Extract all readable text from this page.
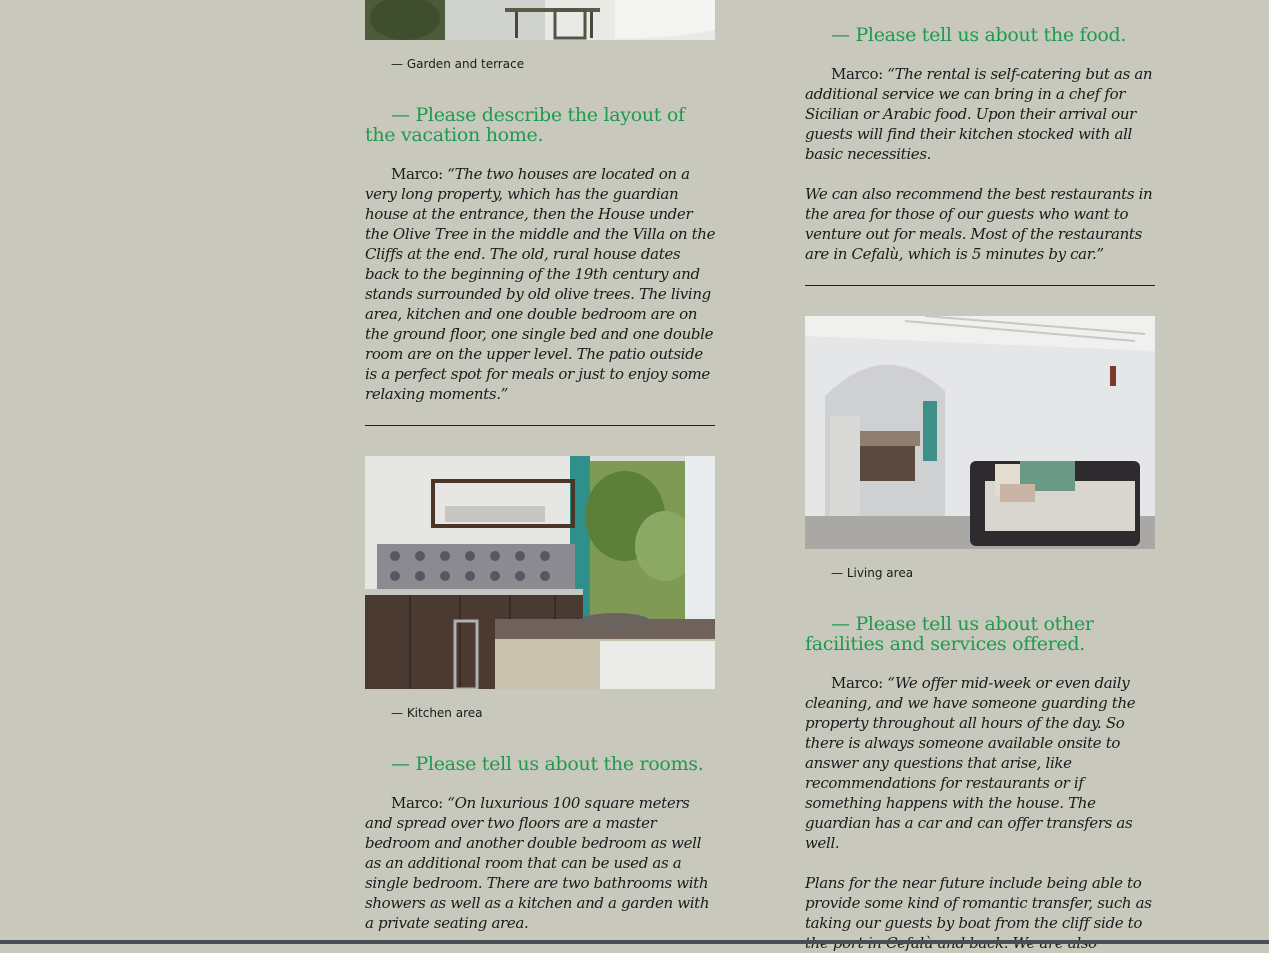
— Garden and terrace
— Please describe the layout of the vacation home.

Marco: “The two houses are located on a very long property, which has the guardian house at the entrance, then the House under the Olive Tree in the middle and the Villa on the Cliffs at the end. The old, rural house dates back to the beginning of the 19th century and stands surrounded by old olive trees. The living area, kitchen and one double bedroom are on the ground floor, one single bed and one double room are on the upper level. The patio outside is a perfect spot for meals or just to enjoy some relaxing moments.”

— Kitchen area
— Please tell us about the rooms.

Marco: “On luxurious 100 square meters and spread over two floors are a master bedroom and another double bedroom as well as an additional room that can be used as a single bedroom. There are two bathrooms with showers as well as a kitchen and a garden with a private seating area.

— Please tell us about the food.

Marco: “The rental is self-catering but as an additional service we can bring in a chef for Sicilian or Arabic food. Upon their arrival our guests will find their kitchen stocked with all basic necessities.

We can also recommend the best restaurants in the area for those of our guests who want to venture out for meals. Most of the restaurants are in Cefalù, which is 5 minutes by car.”

— Living area
— Please tell us about other facilities and services offered.

Marco: “We offer mid-week or even daily cleaning, and we have someone guarding the property throughout all hours of the day. So there is always someone available onsite to answer any questions that arise, like recommendations for restaurants or if something happens with the house. The guardian has a car and can offer transfers as well.

Plans for the near future include being able to provide some kind of romantic transfer, such as taking our guests by boat from the cliff side to
